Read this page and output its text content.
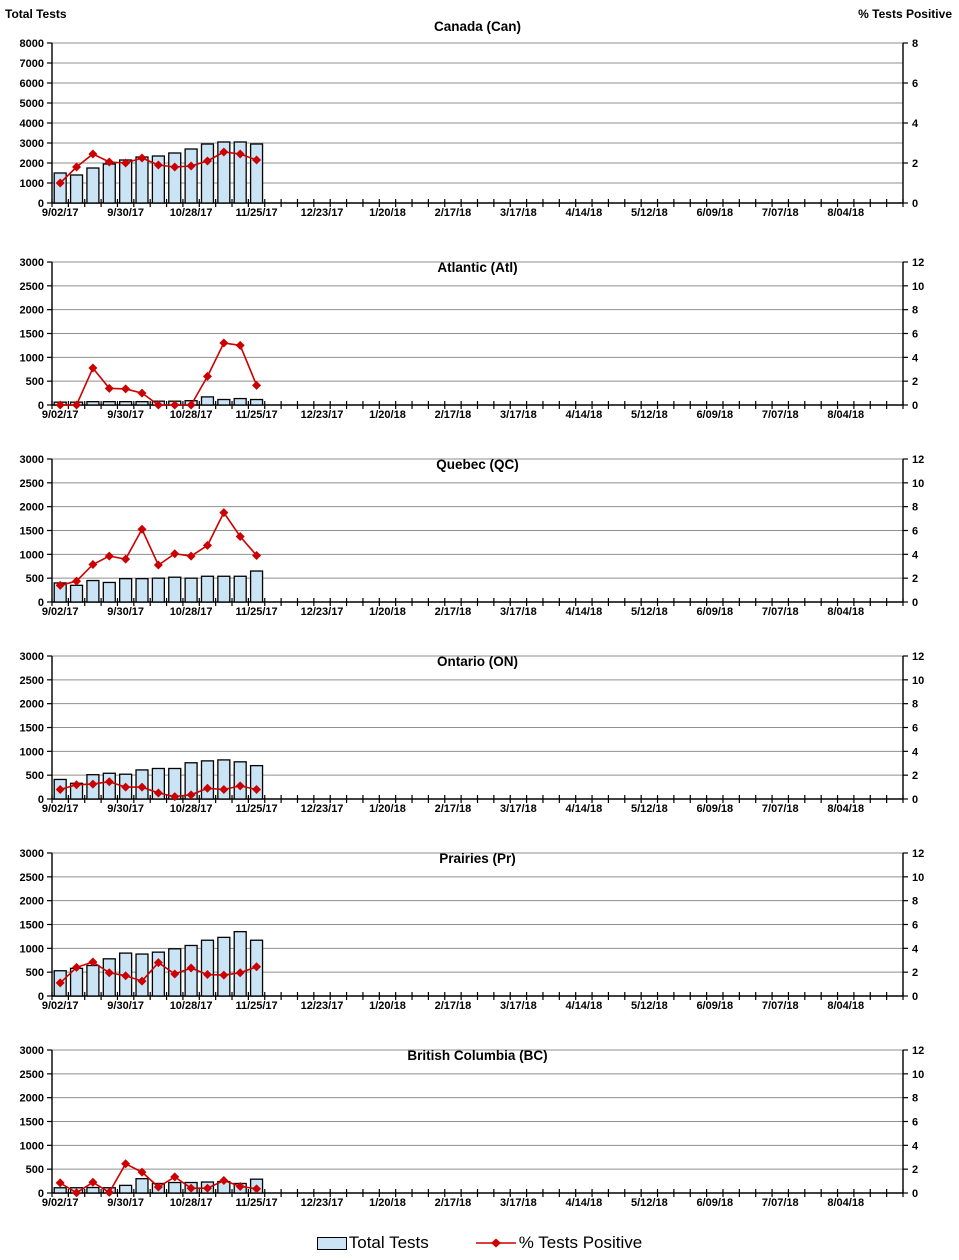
0
1000
2000
3000
4000
5000
6000
7000
8000
0
2
4
6
8
9/02/17	9/30/17 10/28/17 11/25/17 12/23/17 1/20/18	2/17/18	3/17/18	4/14/18	5/12/18	6/09/18	7/07/18	8/04/18
Canada (Can)
Total Tests	% Tests Positive
0
500
1000
1500
2000
2500
3000
0
2
4
6
8
10
12
9/02/17	9/30/17 10/28/17 11/25/17 12/23/17 1/20/18	2/17/18	3/17/18	4/14/18	5/12/18	6/09/18	7/07/18	8/04/18
Atlantic (Atl)
0
500
1000
1500
2000
2500
3000
0
2
4
6
8
10
12
9/02/17	9/30/17 10/28/17 11/25/17 12/23/17 1/20/18	2/17/18	3/17/18	4/14/18	5/12/18	6/09/18	7/07/18	8/04/18
Quebec (QC)
0
500
1000
1500
2000
2500
3000
0
2
4
6
8
10
12
9/02/17	9/30/17 10/28/17 11/25/17 12/23/17 1/20/18	2/17/18	3/17/18	4/14/18	5/12/18	6/09/18	7/07/18	8/04/18
Ontario (ON)
0
500
1000
1500
2000
2500
3000
0
2
4
6
8
10
12
9/02/17	9/30/17 10/28/17 11/25/17 12/23/17 1/20/18	2/17/18	3/17/18	4/14/18	5/12/18	6/09/18	7/07/18	8/04/18
Prairies (Pr)
0
500
1000
1500
2000
2500
3000
0
2
4
6
8
10
12
9/02/17	9/30/17 10/28/17 11/25/17 12/23/17 1/20/18	2/17/18	3/17/18	4/14/18	5/12/18	6/09/18	7/07/18	8/04/18
British Columbia (BC)
Total Tests	% Tests Positive
